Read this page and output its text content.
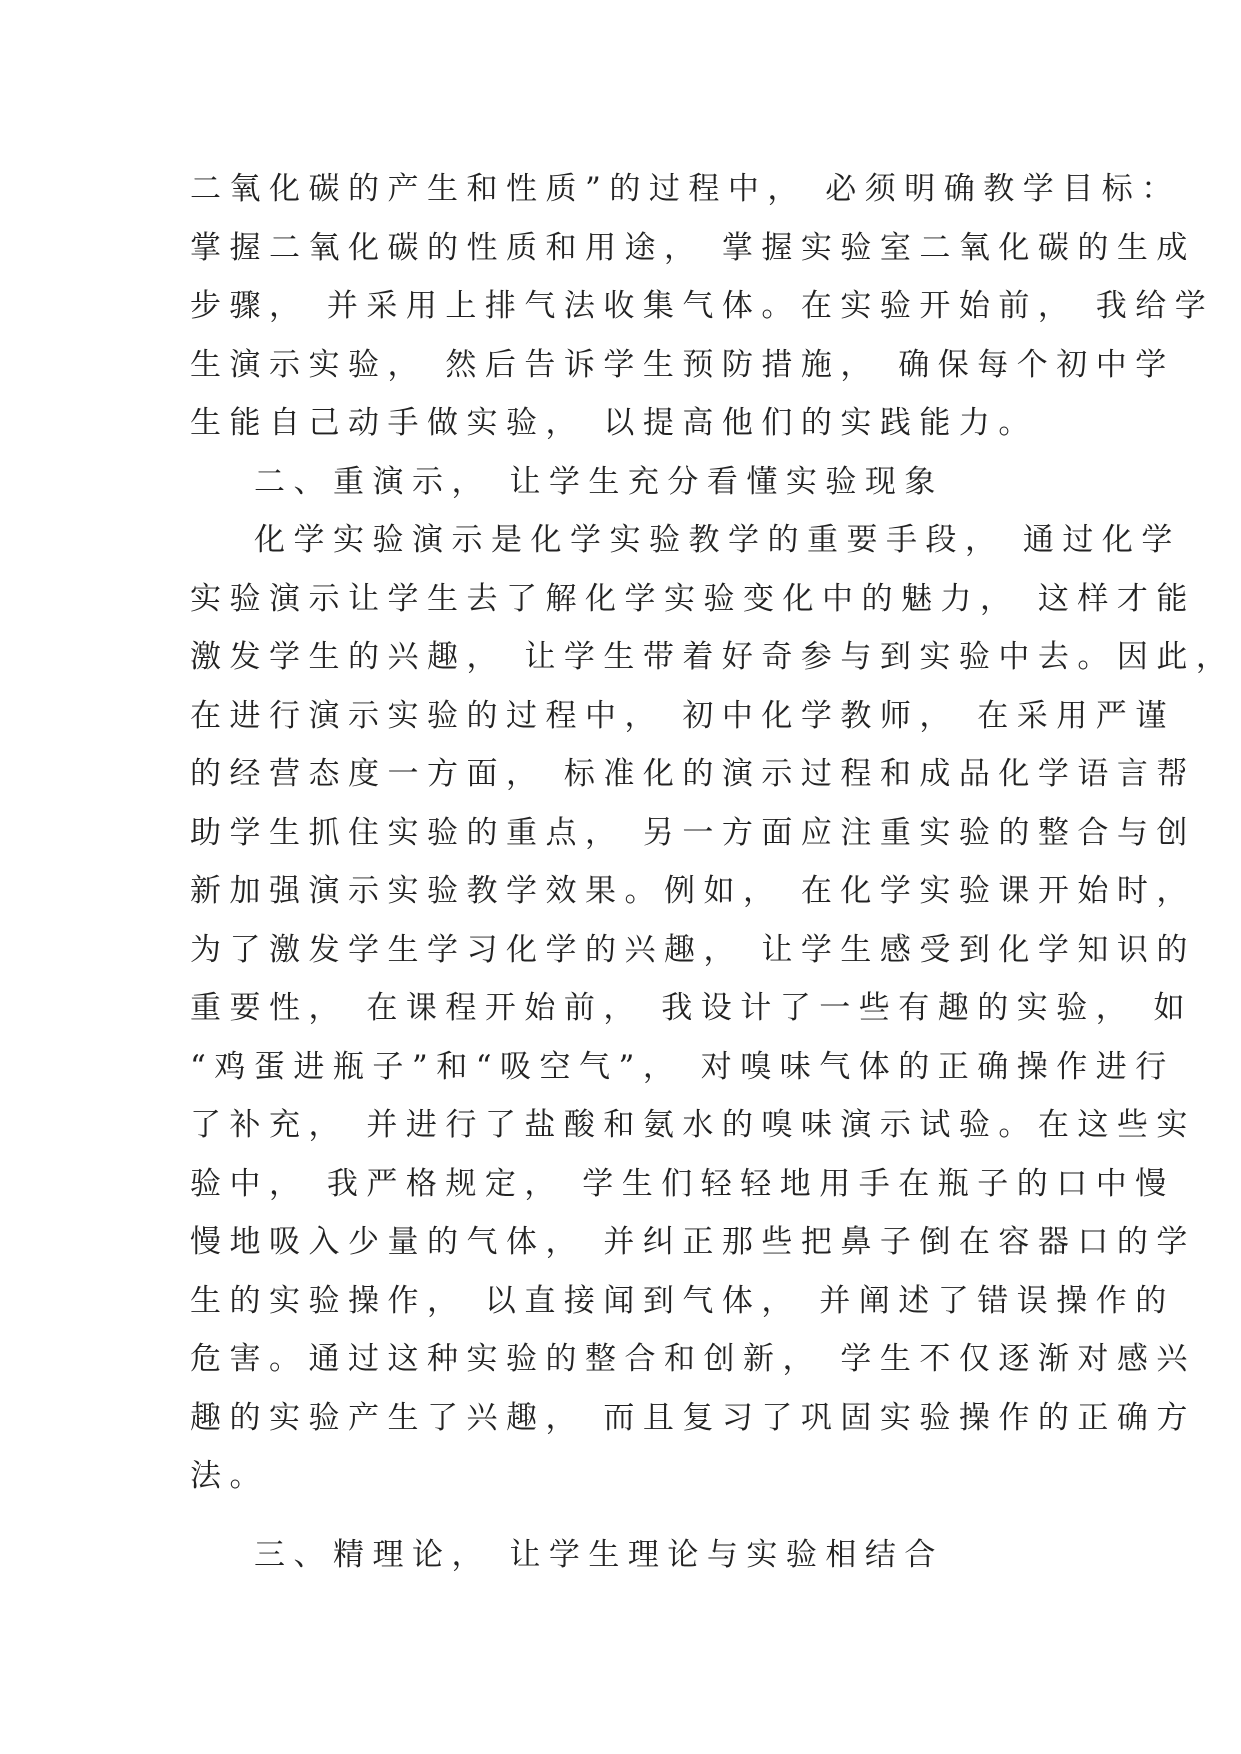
二氧化碳的产生和性质”的过程中， 必须明确教学目标：
掌握二氧化碳的性质和用途， 掌握实验室二氧化碳的生成
步骤， 并采用上排气法收集气体。在实验开始前， 我给学
生演示实验， 然后告诉学生预防措施， 确保每个初中学
生能自己动手做实验， 以提高他们的实践能力。
二、重演示， 让学生充分看懂实验现象
化学实验演示是化学实验教学的重要手段， 通过化学
实验演示让学生去了解化学实验变化中的魅力， 这样才能
激发学生的兴趣， 让学生带着好奇参与到实验中去。因此，
在进行演示实验的过程中， 初中化学教师， 在采用严谨
的经营态度一方面， 标准化的演示过程和成品化学语言帮
助学生抓住实验的重点， 另一方面应注重实验的整合与创
新加强演示实验教学效果。例如， 在化学实验课开始时，
为了激发学生学习化学的兴趣， 让学生感受到化学知识的
重要性， 在课程开始前， 我设计了一些有趣的实验， 如
“鸡蛋进瓶子”和“吸空气”， 对嗅味气体的正确操作进行
了补充， 并进行了盐酸和氨水的嗅味演示试验。在这些实
验中， 我严格规定， 学生们轻轻地用手在瓶子的口中慢
慢地吸入少量的气体， 并纠正那些把鼻子倒在容器口的学
生的实验操作， 以直接闻到气体， 并阐述了错误操作的
危害。通过这种实验的整合和创新， 学生不仅逐渐对感兴
趣的实验产生了兴趣， 而且复习了巩固实验操作的正确方
法。
三、精理论， 让学生理论与实验相结合
